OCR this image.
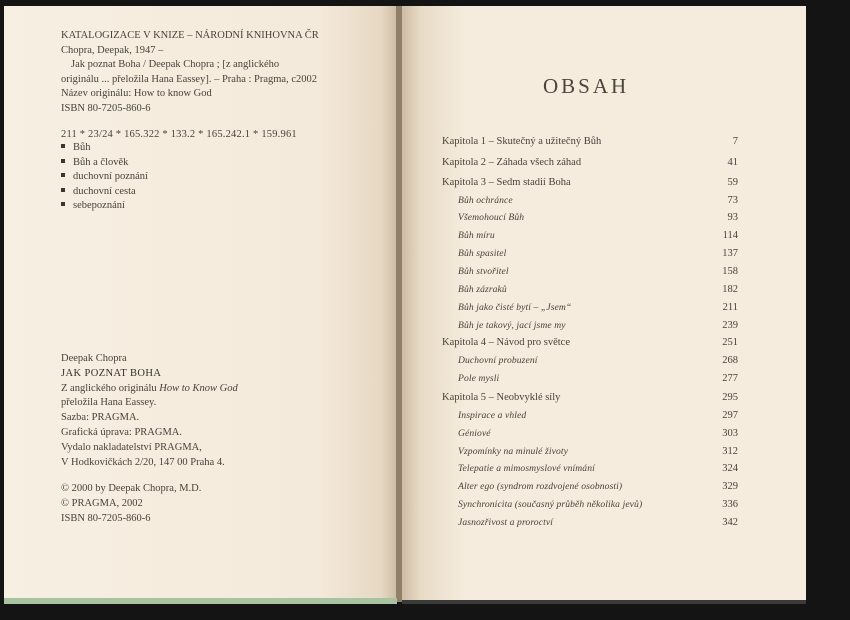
KATALOGIZACE V KNIZE – NÁRODNÍ KNIHOVNA ČR
Chopra, Deepak, 1947 –
Jak poznat Boha / Deepak Chopra ; [z anglického
originálu ... přeložila Hana Eassey]. – Praha : Pragma, c2002
Název originálu: How to know God
ISBN 80-7205-860-6
211 * 23/24 * 165.322 * 133.2 * 165.242.1 * 159.961
Bůh
Bůh a člověk
duchovní poznání
duchovní cesta
sebepoznání
Deepak Chopra
JAK POZNAT BOHA
Z anglického originálu How to Know God
přeložila Hana Eassey.
Sazba: PRAGMA.
Grafická úprava: PRAGMA.
Vydalo nakladatelství PRAGMA,
V Hodkovičkách 2/20, 147 00 Praha 4.
© 2000 by Deepak Chopra, M.D.
© PRAGMA, 2002
ISBN 80-7205-860-6
OBSAH
Kapitola 1 – Skutečný a užitečný Bůh	7
Kapitola 2 – Záhada všech záhad	41
Kapitola 3 – Sedm stadií Boha	59
Bůh ochránce	73
Všemohoucí Bůh	93
Bůh míru	114
Bůh spasitel	137
Bůh stvořitel	158
Bůh zázraků	182
Bůh jako čisté bytí – „Jsem“	211
Bůh je takový, jací jsme my	239
Kapitola 4 – Návod pro světce	251
Duchovní probuzení	268
Pole mysli	277
Kapitola 5 – Neobvyklé síly	295
Inspirace a vhled	297
Géniové	303
Vzpomínky na minulé životy	312
Telepatie a mimosmyslové vnímání	324
Alter ego (syndrom rozdvojené osobnosti)	329
Synchronicita (současný průběh několika jevů)	336
Jasnozřivost a proroctví	342
